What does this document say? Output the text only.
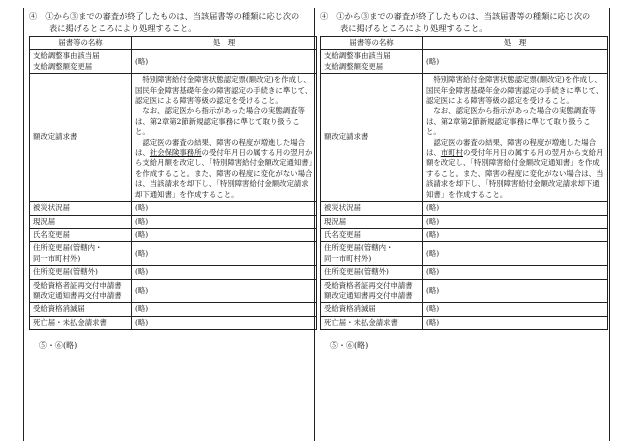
④　①から③までの審査が終了したものは、当該届書等の種類に応じ次の
表に掲げるところにより処理すること。
届書等の名称	処　理

支給調整事由該当届
支給調整額変更届	(略)

額改定請求書	　特別障害給付金障害状態認定票(額改定)を作成し、国民年金障害基礎年金の障害認定の手続きに準じて、認定医による障害等級の認定を受けること。

　なお、認定医から指示があった場合の実態調査等は、第2章第2節新規認定事務に準じて取り扱うこと。

　認定医の審査の結果、障害の程度が増進した場合は、社会保険事務所の受付年月日の属する月の翌月から支給月額を改定し、「特別障害給付金額改定通知書」を作成すること。また、障害の程度に変化がない場合は、当該請求を却下し、「特別障害給付金額改定請求却下通知書」を作成すること。

被災状況届	(略)

現況届	(略)

氏名変更届	(略)

住所変更届(管轄内・
同一市町村外)	(略)

住所変更届(管轄外)	(略)

受給資格者証再交付申請書
額改定通知書再交付申請書	(略)

受給資格消滅届	(略)

死亡届・未払金請求書	(略)

⑤・⑥(略)
④　①から③までの審査が終了したものは、当該届書等の種類に応じ次の
表に掲げるところにより処理すること。
届書等の名称	処　理

支給調整事由該当届
支給調整額変更届	(略)

額改定請求書	　特別障害給付金障害状態認定票(額改定)を作成し、国民年金障害基礎年金の障害認定の手続きに準じて、認定医による障害等級の認定を受けること。

　なお、認定医から指示があった場合の実態調査等は、第2章第2節新規認定事務に準じて取り扱うこと。

　認定医の審査の結果、障害の程度が増進した場合は、市町村の受付年月日の属する月の翌月から支給月額を改定し、「特別障害給付金額改定通知書」を作成すること。また、障害の程度に変化がない場合は、当該請求を却下し、「特別障害給付金額改定請求却下通知書」を作成すること。

被災状況届	(略)

現況届	(略)

氏名変更届	(略)

住所変更届(管轄内・
同一市町村外)	(略)

住所変更届(管轄外)	(略)

受給資格者証再交付申請書
額改定通知書再交付申請書	(略)

受給資格消滅届	(略)

死亡届・未払金請求書	(略)

⑤・⑥(略)
